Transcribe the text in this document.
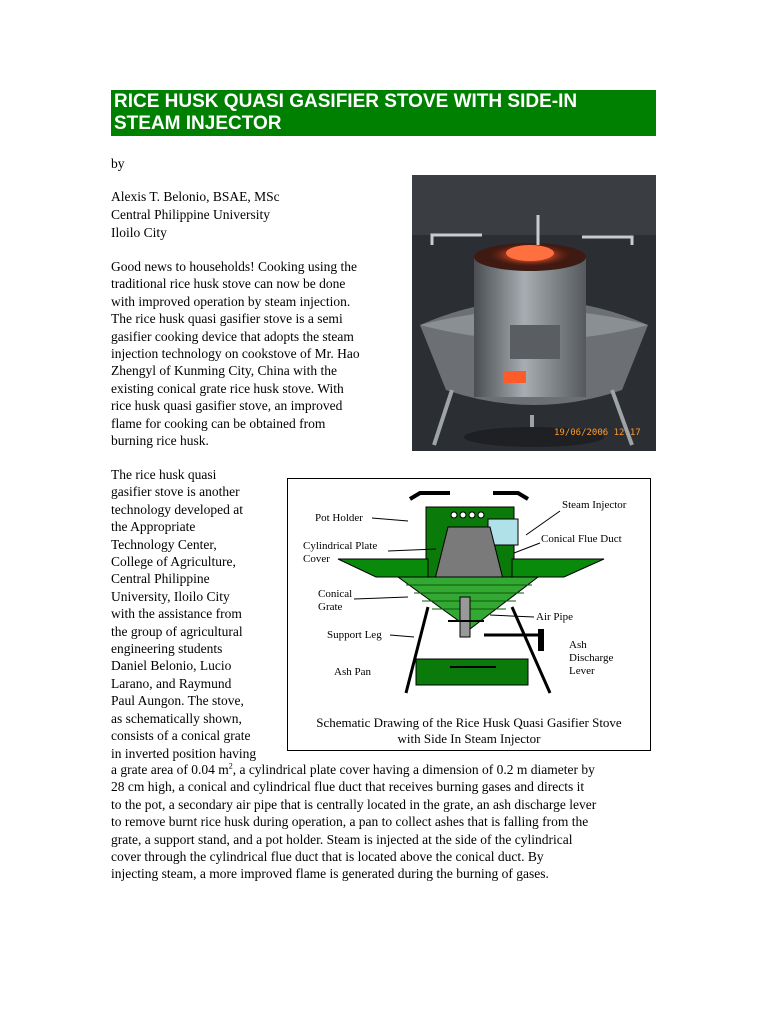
RICE HUSK QUASI GASIFIER STOVE WITH SIDE-IN
STEAM INJECTOR
by
Alexis T. Belonio, BSAE, MSc
Central Philippine University
Iloilo City
Good news to households! Cooking using the
traditional rice husk stove can now be done
with improved operation by steam injection.
The rice husk quasi gasifier stove is a semi
gasifier cooking device that adopts the steam
injection technology on cookstove of Mr. Hao
Zhengyl of Kunming City, China with the
existing conical grate rice husk stove. With
rice husk quasi gasifier stove, an improved
flame for cooking can be obtained from
burning rice husk.
19/06/2006 12:17
The rice husk quasi
gasifier stove is another
technology developed at
the Appropriate
Technology Center,
College of Agriculture,
Central Philippine
University, Iloilo City
with the assistance from
the group of agricultural
engineering students
Daniel Belonio, Lucio
Larano, and Raymund
Paul Aungon. The stove,
as schematically shown,
consists of a conical grate
in inverted position having
Pot Holder
Steam Injector
Cylindrical Plate
Cover
Conical Flue Duct
Conical
Grate
Air Pipe
Support Leg
Ash
Discharge
Lever
Ash Pan
Schematic Drawing of the Rice Husk Quasi Gasifier Stove
with Side In Steam Injector
a grate area of 0.04 $m^2$, a cylindrical plate cover having a dimension of 0.2 m diameter by
28 cm high, a conical and cylindrical flue duct that receives burning gases and directs it
to the pot, a secondary air pipe that is centrally located in the grate, an ash discharge lever
to remove burnt rice husk during operation, a pan to collect ashes that is falling from the
grate, a support stand, and a pot holder. Steam is injected at the side of the cylindrical
cover through the cylindrical flue duct that is located above the conical duct. By
injecting steam, a more improved flame is generated during the burning of gases.
